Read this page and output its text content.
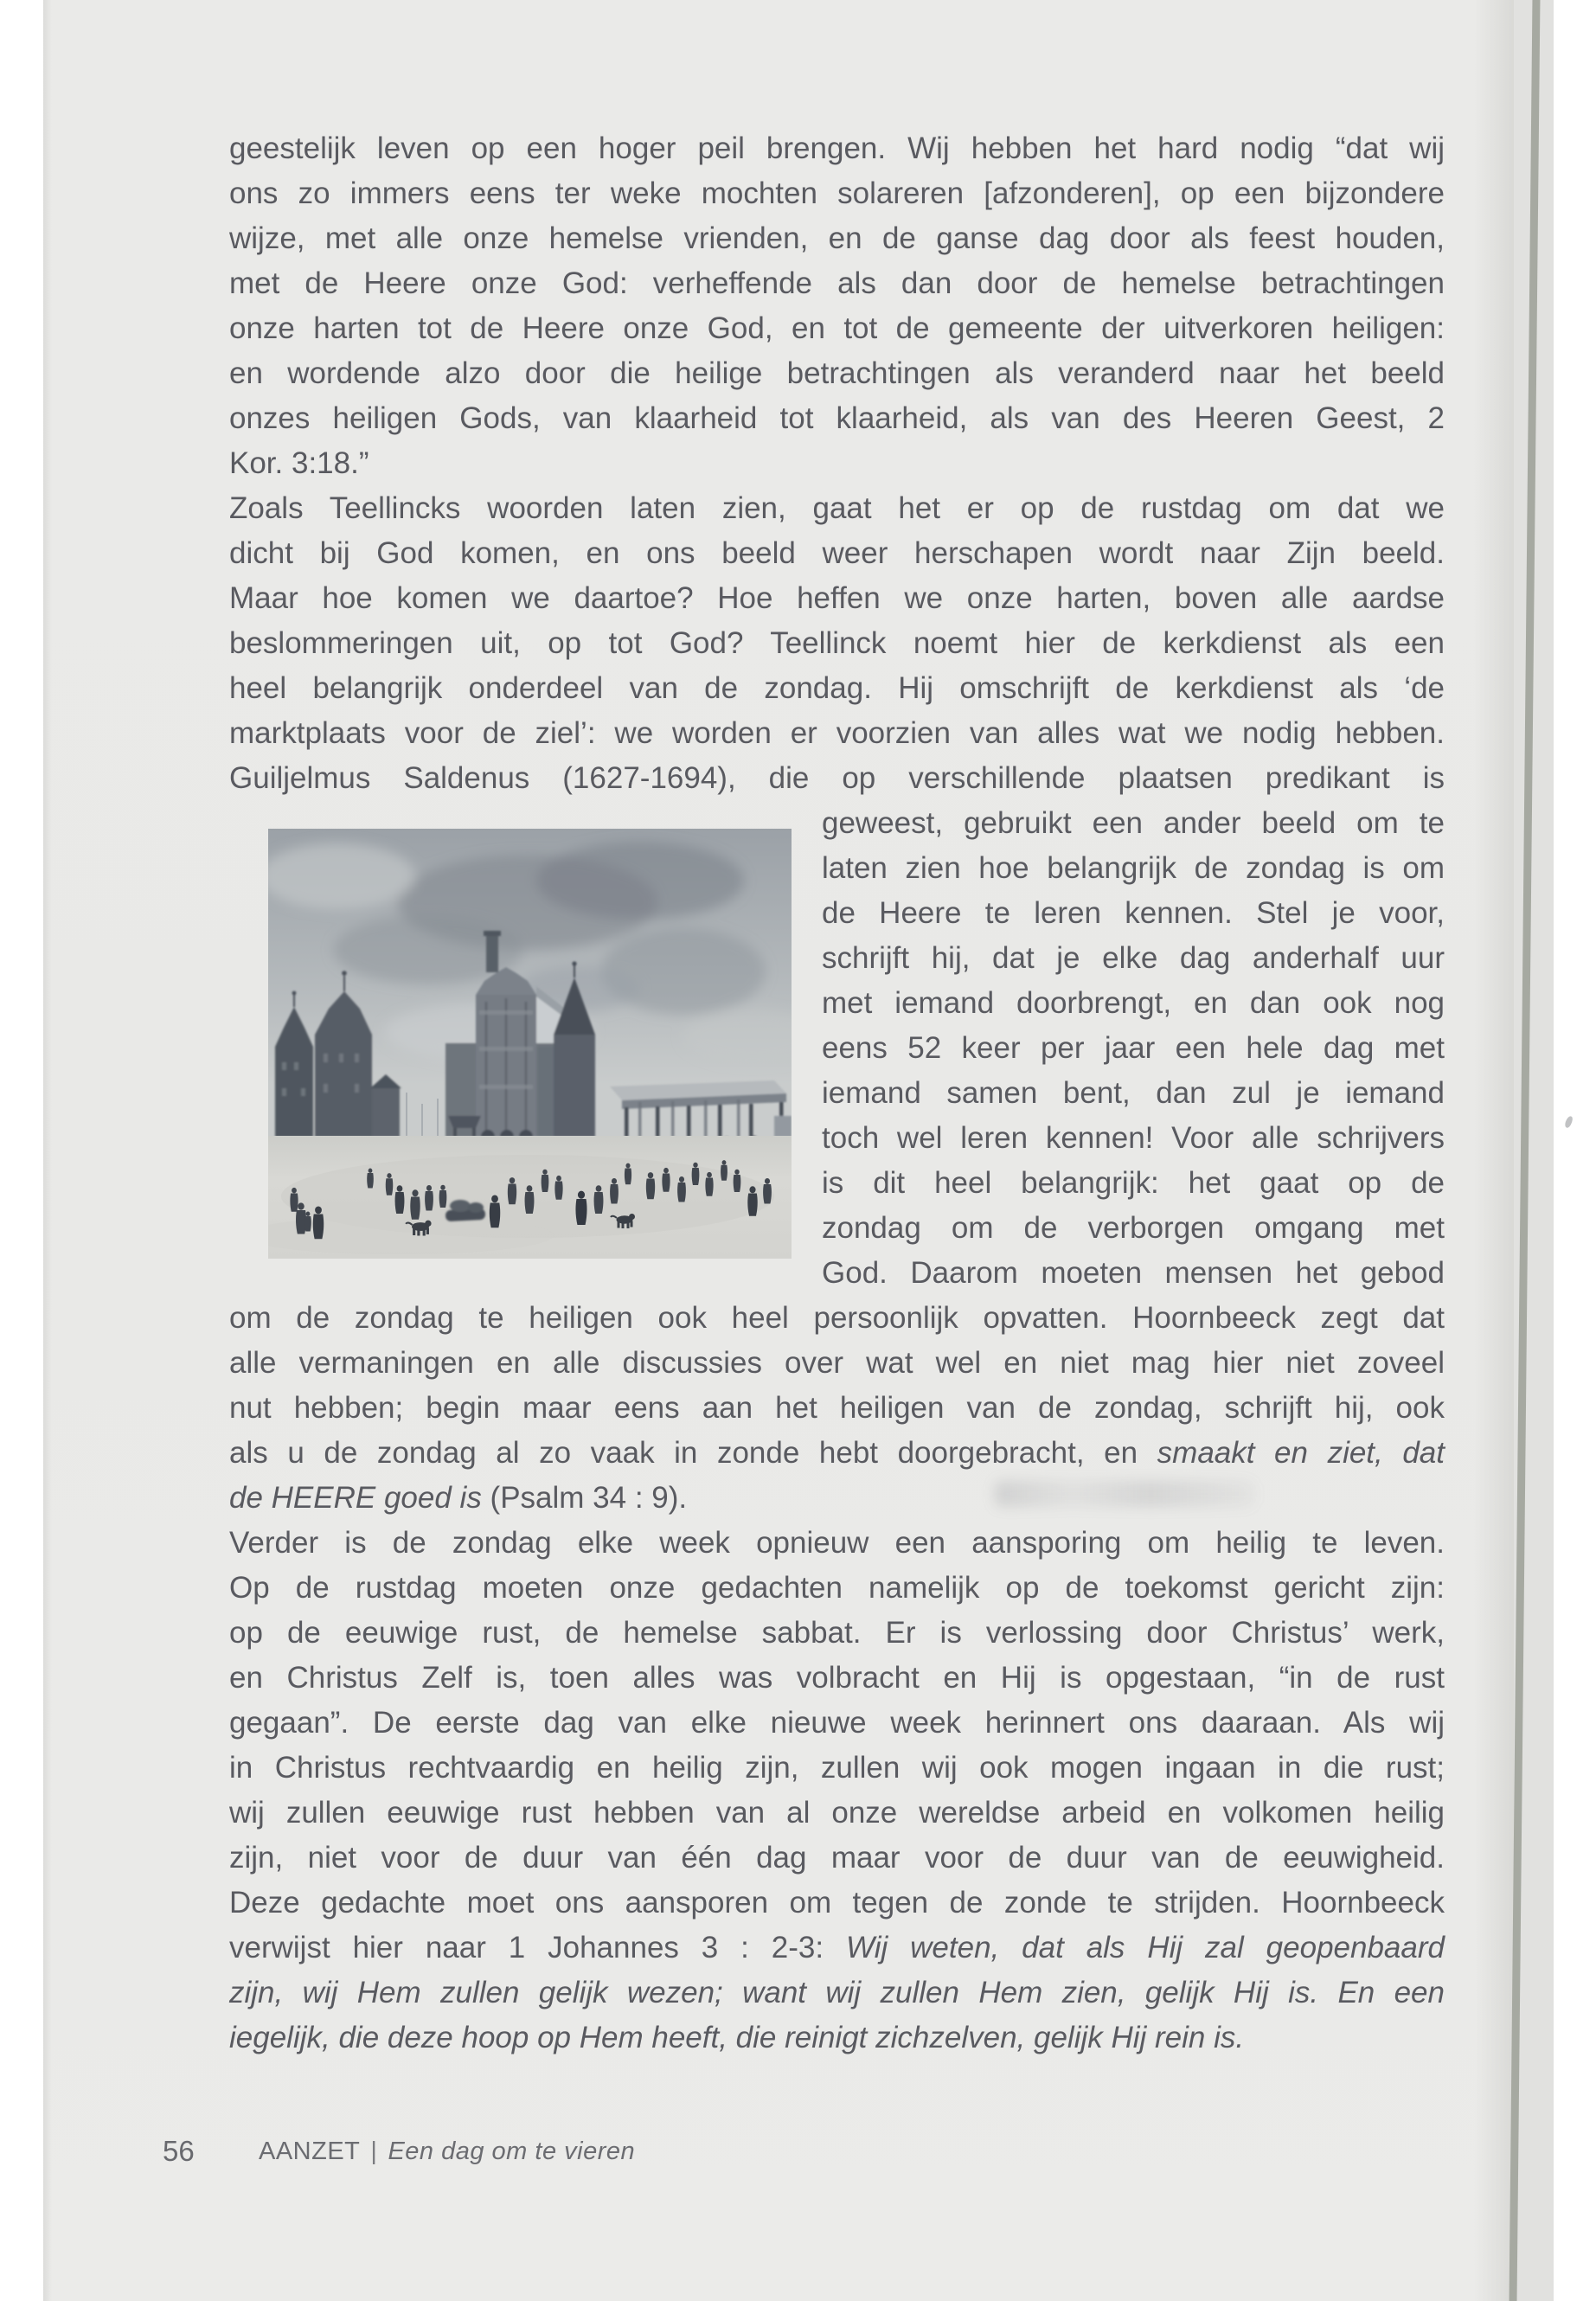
geestelijk leven op een hoger peil brengen. Wij hebben het hard nodig “dat wij
ons zo immers eens ter weke mochten solareren [afzonderen], op een bijzondere
wijze, met alle onze hemelse vrienden, en de ganse dag door als feest houden,
met de Heere onze God: verheffende als dan door de hemelse betrachtingen
onze harten tot de Heere onze God, en tot de gemeente der uitverkoren heiligen:
en wordende alzo door die heilige betrachtingen als veranderd naar het beeld
onzes heiligen Gods, van klaarheid tot klaarheid, als van des Heeren Geest, 2
Kor. 3:18.”
Zoals Teellincks woorden laten zien, gaat het er op de rustdag om dat we
dicht bij God komen, en ons beeld weer herschapen wordt naar Zijn beeld.
Maar hoe komen we daartoe? Hoe heffen we onze harten, boven alle aardse
beslommeringen uit, op tot God? Teellinck noemt hier de kerkdienst als een
heel belangrijk onderdeel van de zondag. Hij omschrijft de kerkdienst als ‘de
marktplaats voor de ziel’: we worden er voorzien van alles wat we nodig hebben.
Guiljelmus Saldenus (1627-1694), die op verschillende plaatsen predikant is
geweest, gebruikt een ander beeld om te
laten zien hoe belangrijk de zondag is om
de Heere te leren kennen. Stel je voor,
schrijft hij, dat je elke dag anderhalf uur
met iemand doorbrengt, en dan ook nog
eens 52 keer per jaar een hele dag met
iemand samen bent, dan zul je iemand
toch wel leren kennen! Voor alle schrijvers
is dit heel belangrijk: het gaat op de
zondag om de verborgen omgang met
God. Daarom moeten mensen het gebod
om de zondag te heiligen ook heel persoonlijk opvatten. Hoornbeeck zegt dat
alle vermaningen en alle discussies over wat wel en niet mag hier niet zoveel
nut hebben; begin maar eens aan het heiligen van de zondag, schrijft hij, ook
als u de zondag al zo vaak in zonde hebt doorgebracht, en smaakt en ziet, dat
de HEERE goed is (Psalm 34 : 9).
Verder is de zondag elke week opnieuw een aansporing om heilig te leven.
Op de rustdag moeten onze gedachten namelijk op de toekomst gericht zijn:
op de eeuwige rust, de hemelse sabbat. Er is verlossing door Christus’ werk,
en Christus Zelf is, toen alles was volbracht en Hij is opgestaan, “in de rust
gegaan”. De eerste dag van elke nieuwe week herinnert ons daaraan. Als wij
in Christus rechtvaardig en heilig zijn, zullen wij ook mogen ingaan in die rust;
wij zullen eeuwige rust hebben van al onze wereldse arbeid en volkomen heilig
zijn, niet voor de duur van één dag maar voor de duur van de eeuwigheid.
Deze gedachte moet ons aansporen om tegen de zonde te strijden. Hoornbeeck
verwijst hier naar 1 Johannes 3 : 2-3: Wij weten, dat als Hij zal geopenbaard
zijn, wij Hem zullen gelijk wezen; want wij zullen Hem zien, gelijk Hij is. En een
iegelijk, die deze hoop op Hem heeft, die reinigt zichzelven, gelijk Hij rein is.
56	AANZET | Een dag om te vieren
